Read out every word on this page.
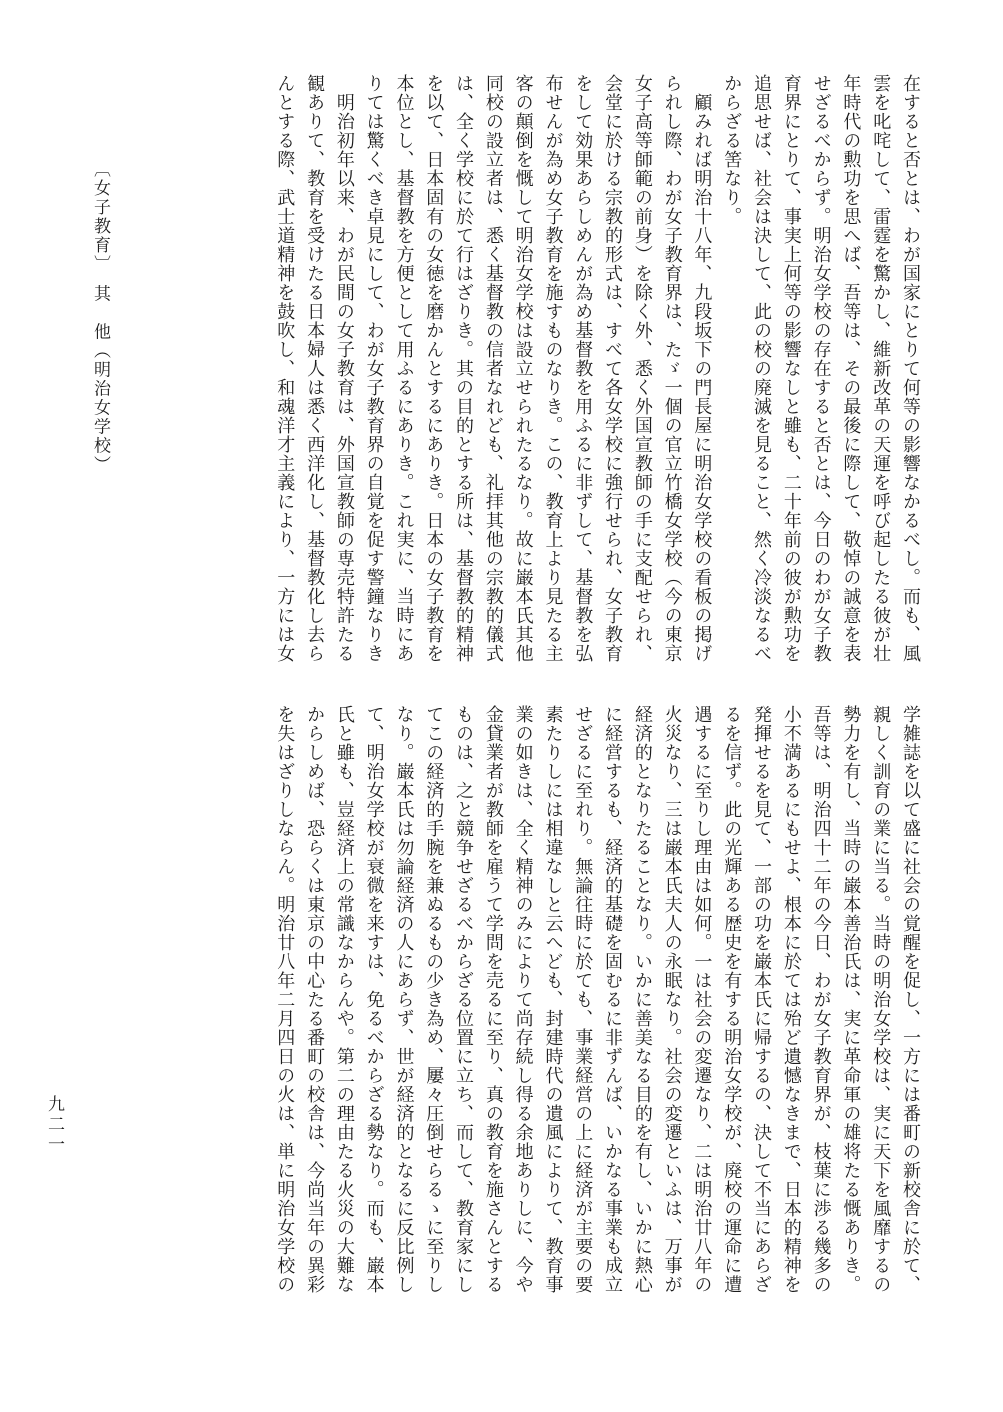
在すると否とは、わが国家にとりて何等の影響なかるべし。而も、風
雲を叱咤して、雷霆を驚かし、維新改革の天運を呼び起したる彼が壮
年時代の勲功を思へば、吾等は、その最後に際して、敬悼の誠意を表
せざるべからず。明治女学校の存在すると否とは、今日のわが女子教
育界にとりて、事実上何等の影響なしと雖も、二十年前の彼が勲功を
追思せば、社会は決して、此の校の廃滅を見ること、然く冷淡なるべ
からざる筈なり。
　顧みれば明治十八年、九段坂下の門長屋に明治女学校の看板の掲げ
られし際、わが女子教育界は、たゞ一個の官立竹橋女学校（今の東京
女子高等師範の前身）を除く外、悉く外国宣教師の手に支配せられ、
会堂に於ける宗教的形式は、すべて各女学校に強行せられ、女子教育
をして効果あらしめんが為め基督教を用ふるに非ずして、基督教を弘
布せんが為め女子教育を施すものなりき。この、教育上より見たる主
客の顛倒を慨して明治女学校は設立せられたるなり。故に巌本氏其他
同校の設立者は、悉く基督教の信者なれども、礼拝其他の宗教的儀式
は、全く学校に於て行はざりき。其の目的とする所は、基督教的精神
を以て、日本固有の女徳を磨かんとするにありき。日本の女子教育を
本位とし、基督教を方便として用ふるにありき。これ実に、当時にあ
りては驚くべき卓見にして、わが女子教育界の自覚を促す警鐘なりき
　明治初年以来、わが民間の女子教育は、外国宣教師の専売特許たる
観ありて、教育を受けたる日本婦人は悉く西洋化し、基督教化し去ら
んとする際、武士道精神を鼓吹し、和魂洋才主義により、一方には女
学雑誌を以て盛に社会の覚醒を促し、一方には番町の新校舎に於て、
親しく訓育の業に当る。当時の明治女学校は、実に天下を風靡するの
勢力を有し、当時の巌本善治氏は、実に革命軍の雄将たる慨ありき。
吾等は、明治四十二年の今日、わが女子教育界が、枝葉に渉る幾多の
小不満あるにもせよ、根本に於ては殆ど遺憾なきまで、日本的精神を
発揮せるを見て、一部の功を巌本氏に帰するの、決して不当にあらざ
るを信ず。此の光輝ある歴史を有する明治女学校が、廃校の運命に遭
遇するに至りし理由は如何。一は社会の変遷なり、二は明治廿八年の
火災なり、三は巌本氏夫人の永眠なり。社会の変遷といふは、万事が
経済的となりたることなり。いかに善美なる目的を有し、いかに熱心
に経営するも、経済的基礎を固むるに非ずんば、いかなる事業も成立
せざるに至れり。無論往時に於ても、事業経営の上に経済が主要の要
素たりしには相違なしと云へども、封建時代の遺風によりて、教育事
業の如きは、全く精神のみによりて尚存続し得る余地ありしに、今や
金貸業者が教師を雇うて学問を売るに至り、真の教育を施さんとする
ものは、之と競争せざるべからざる位置に立ち、而して、教育家にし
てこの経済的手腕を兼ぬるもの少き為め、屢々圧倒せらるゝに至りし
なり。巌本氏は勿論経済の人にあらず、世が経済的となるに反比例し
て、明治女学校が衰微を来すは、免るべからざる勢なり。而も、巌本
氏と雖も、豈経済上の常識なからんや。第二の理由たる火災の大難な
からしめば、恐らくは東京の中心たる番町の校舎は、今尚当年の異彩
を失はざりしならん。明治廿八年二月四日の火は、単に明治女学校の
〔女子教育〕　其　他（明治女学校）
九二一
